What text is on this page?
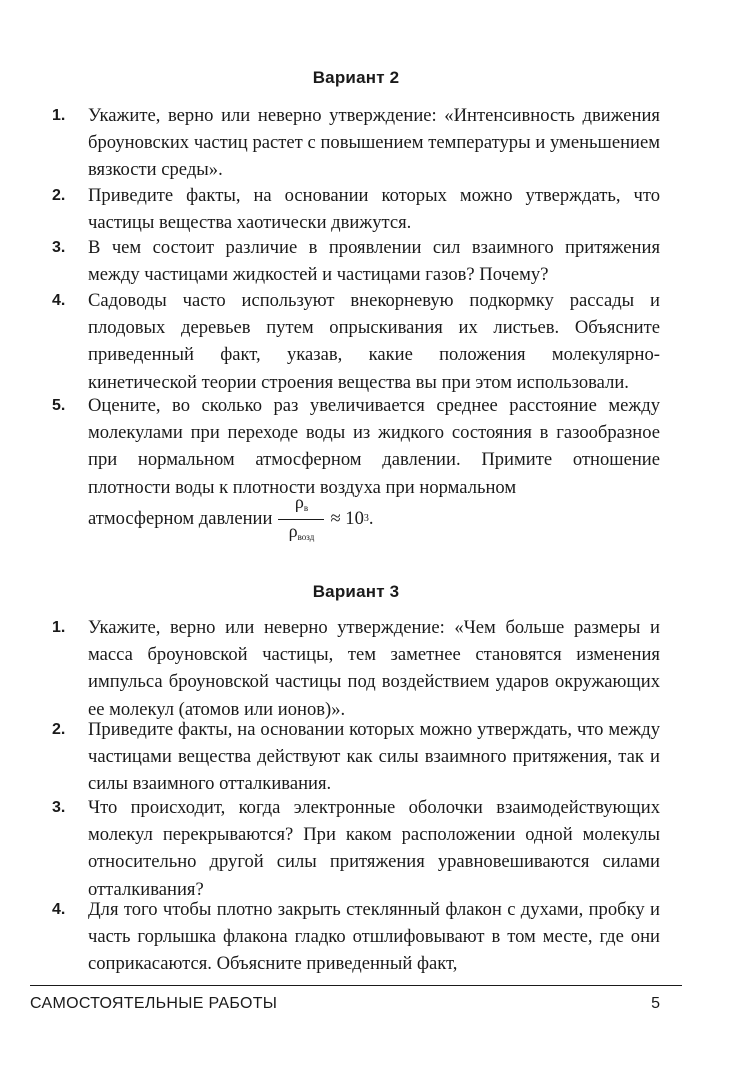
Вариант 2
1. Укажите, верно или неверно утверждение: «Интенсивность движения броуновских частиц растет с повышением температуры и уменьшением вязкости среды».
2. Приведите факты, на основании которых можно утверждать, что частицы вещества хаотически движутся.
3. В чем состоит различие в проявлении сил взаимного притяжения между частицами жидкостей и частицами газов? Почему?
4. Садоводы часто используют внекорневую подкормку рассады и плодовых деревьев путем опрыскивания их листьев. Объясните приведенный факт, указав, какие положения молекулярно-кинетической теории строения вещества вы при этом использовали.
5. Оцените, во сколько раз увеличивается среднее расстояние между молекулами при переходе воды из жидкого состояния в газообразное при нормальном атмосферном давлении. Примите отношение плотности воды к плотности воздуха при нормальном
атмосферном давлении $\frac{\rho_в}{\rho_{возд}} \approx 10$ 3 .
Вариант 3
1. Укажите, верно или неверно утверждение: «Чем больше размеры и масса броуновской частицы, тем заметнее становятся изменения импульса броуновской частицы под воздействием ударов окружающих ее молекул (атомов или ионов)».
2. Приведите факты, на основании которых можно утверждать, что между частицами вещества действуют как силы взаимного притяжения, так и силы взаимного отталкивания.
3. Что происходит, когда электронные оболочки взаимодействующих молекул перекрываются? При каком расположении одной молекулы относительно другой силы притяжения уравновешиваются силами отталкивания?
4. Для того чтобы плотно закрыть стеклянный флакон с духами, пробку и часть горлышка флакона гладко отшлифовывают в том месте, где они соприкасаются. Объясните приведенный факт,
САМОСТОЯТЕЛЬНЫЕ РАБОТЫ	5
